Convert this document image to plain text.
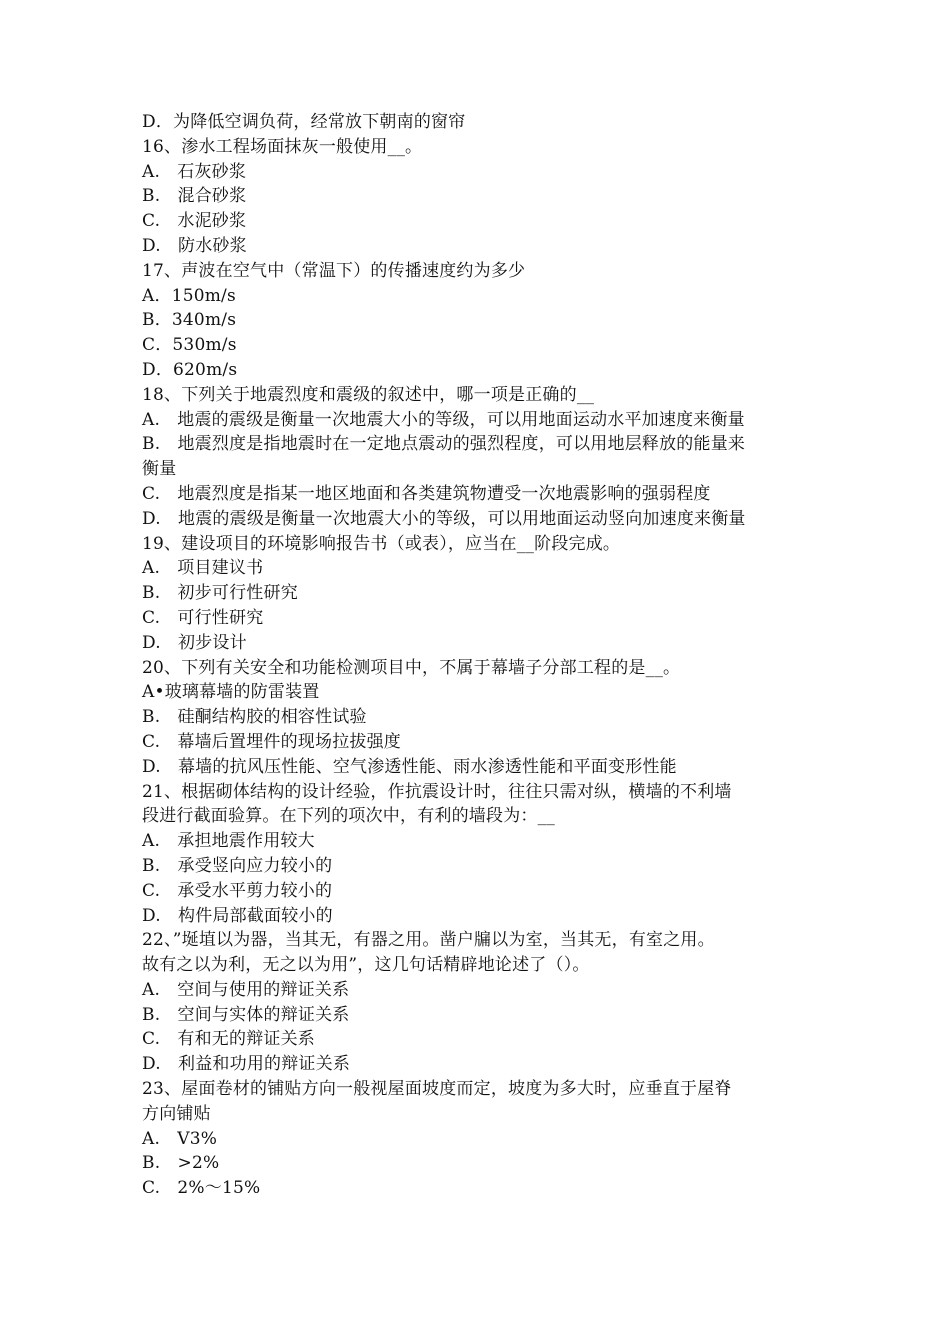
D．为降低空调负荷，经常放下朝南的窗帘
16、渗水工程场面抹灰一般使用__。
A.　石灰砂浆
B.　混合砂浆
C.　水泥砂浆
D.　防水砂浆
17、声波在空气中（常温下）的传播速度约为多少
A．150m/s
B．340m/s
C．530m/s
D．620m/s
18、下列关于地震烈度和震级的叙述中，哪一项是正确的__
A.　地震的震级是衡量一次地震大小的等级，可以用地面运动水平加速度来衡量
B.　地震烈度是指地震时在一定地点震动的强烈程度，可以用地层释放的能量来
衡量
C.　地震烈度是指某一地区地面和各类建筑物遭受一次地震影响的强弱程度
D.　地震的震级是衡量一次地震大小的等级，可以用地面运动竖向加速度来衡量
19、建设项目的环境影响报告书（或表），应当在__阶段完成。
A.　项目建议书
B.　初步可行性研究
C.　可行性研究
D.　初步设计
20、下列有关安全和功能检测项目中，不属于幕墙子分部工程的是__。
A•玻璃幕墙的防雷装置
B.　硅酮结构胶的相容性试验
C.　幕墙后置埋件的现场拉拔强度
D.　幕墙的抗风压性能、空气渗透性能、雨水渗透性能和平面变形性能
21、根据砌体结构的设计经验，作抗震设计时，往往只需对纵，横墙的不利墙
段进行截面验算。在下列的项次中，有利的墙段为：__
A.　承担地震作用较大
B.　承受竖向应力较小的
C.　承受水平剪力较小的
D.　构件局部截面较小的
22、”埏埴以为器，当其无，有器之用。凿户牖以为室，当其无，有室之用。
故有之以为利，无之以为用”，这几句话精辟地论述了（）。
A.　空间与使用的辩证关系
B.　空间与实体的辩证关系
C.　有和无的辩证关系
D.　利益和功用的辩证关系
23、屋面卷材的铺贴方向一般视屋面坡度而定，坡度为多大时，应垂直于屋脊
方向铺贴
A.　V3%
B.　>2%
C.　2%〜15%
